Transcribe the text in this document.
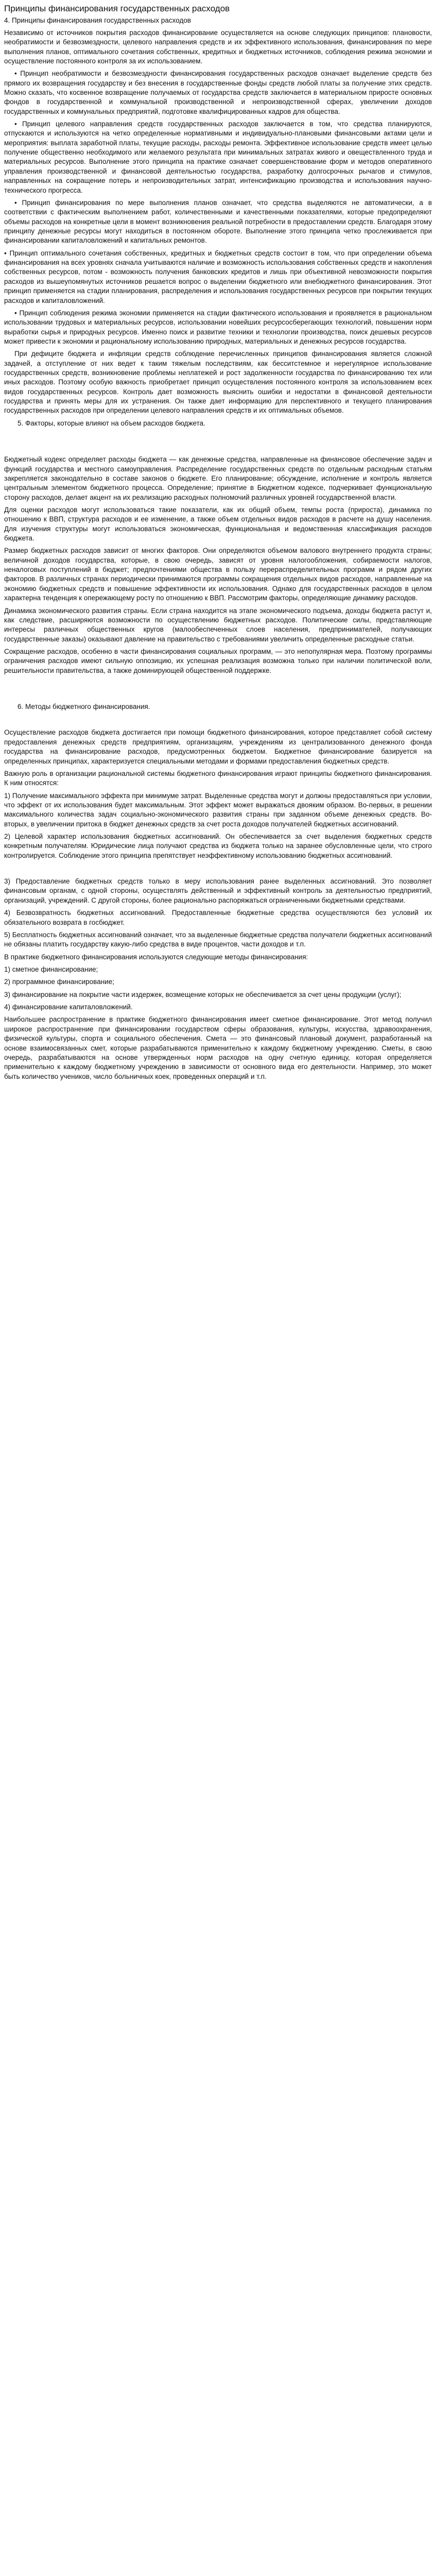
Принципы финансирования государственных расходов
4. Принципы финансирования государственных расходов

Независимо от источников покрытия расходов финансирование осуществляется на основе следующих принципов: плановости, необратимости и безвозмездности, целевого направления средств и их эффективного использования, финансирования по мере выполнения планов, оптимального сочетания собственных, кредитных и бюджетных источников, соблюдения режима экономии и осуществление постоянного контроля за их использованием.

• Принцип необратимости и безвозмездности финансирования государственных расходов означает выделение средств без прямого их возвращения государству и без внесения в государственные фонды средств любой платы за получение этих средств. Можно сказать, что косвенное возвращение получаемых от государства средств заключается в материальном приросте основных фондов в государственной и коммунальной производственной и непроизводственной сферах, увеличении доходов государственных и коммунальных предприятий, подготовке квалифицированных кадров для общества.

• Принцип целевого направления средств государственных расходов заключается в том, что средства планируются, отпускаются и используются на четко определенные нормативными и индивидуально-плановыми финансовыми актами цели и мероприятия: выплата заработной платы, текущие расходы, расходы ремонта. Эффективное использование средств имеет целью получение общественно необходимого или желаемого результата при минимальных затратах живого и овеществленного труда и материальных ресурсов. Выполнение этого принципа на практике означает совершенствование форм и методов оперативного управления производственной и финансовой деятельностью государства, разработку долгосрочных рычагов и стимулов, направленных на сокращение потерь и непроизводительных затрат, интенсификацию производства и использования научно-технического прогресса.

• Принцип финансирования по мере выполнения планов означает, что средства выделяются не автоматически, а в соответствии с фактическим выполнением работ, количественными и качественными показателями, которые предопределяют объемы расходов на конкретные цели в момент возникновения реальной потребности в предоставлении средств. Благодаря этому принципу денежные ресурсы могут находиться в постоянном обороте. Выполнение этого принципа четко прослеживается при финансировании капиталовложений и капитальных ремонтов.

• Принцип оптимального сочетания собственных, кредитных и бюджетных средств состоит в том, что при определении объема финансирования на всех уровнях сначала учитываются наличие и возможность использования собственных средств и накопления собственных ресурсов, потом - возможность получения банковских кредитов и лишь при объективной невозможности покрытия расходов из вышеупомянутых источников решается вопрос о выделении бюджетного или внебюджетного финансирования. Этот принцип применяется на стадии планирования, распределения и использования государственных ресурсов при покрытии текущих расходов и капиталовложений.

• Принцип соблюдения режима экономии применяется на стадии фактического использования и проявляется в рациональном использовании трудовых и материальных ресурсов, использовании новейших ресурсосберегающих технологий, повышении норм выработки сырья и природных ресурсов. Именно поиск и развитие техники и технологии производства, поиск дешевых ресурсов может привести к экономии и рациональному использованию природных, материальных и денежных ресурсов государства.

При дефиците бюджета и инфляции средств соблюдение перечисленных принципов финансирования является сложной задачей, а отступление от них ведет к таким тяжелым последствиям, как бесситстемное и нерегулярное использование государственных средств, возникновение проблемы неплатежей и рост задолженности государства по финансированию тех или иных расходов. Поэтому особую важность приобретает принцип осуществления постоянного контроля за использованием всех видов государственных ресурсов. Контроль дает возможность выяснить ошибки и недостатки в финансовой деятельности государства и принять меры для их устранения. Он также дает информацию для перспективного и текущего планирования государственных расходов при определении целевого направления средств и их оптимальных объемов.

5. Факторы, которые влияют на объем расходов бюджета.

Бюджетный кодекс определяет расходы бюджета — как денежные средства, направленные на финансовое обеспечение задач и функций государства и местного самоуправления. Распределение государственных средств по отдельным расходным статьям закрепляется законодательно в составе законов о бюджете. Его планирование; обсуждение, исполнение и контроль является центральным элементом бюджетного процесса. Определение; принятие в Бюджетном кодексе, подчеркивает функциональную сторону расходов, делает акцент на их реализацию расходных полномочий различных уровней государственной власти.

Для оценки расходов могут использоваться такие показатели, как их общий объем, темпы роста (прироста), динамика по отношению к ВВП, структура расходов и ее изменение, а также объем отдельных видов расходов в расчете на душу населения. Для изучения структуры могут использоваться экономическая, функциональная и ведомственная классификация расходов бюджета.

Размер бюджетных расходов зависит от многих факторов. Они определяются объемом валового внутреннего продукта страны; величиной доходов государства, которые, в свою очередь, зависят от уровня налогообложения, собираемости налогов, неналоговых поступлений в бюджет; предпочтениями общества в пользу перераспределительных программ и рядом других факторов. В различных странах периодически принимаются программы сокращения отдельных видов расходов, направленные на экономию бюджетных средств и повышение эффективности их использования. Однако для государственных расходов в целом характерна тенденция к опережающему росту по отношению к ВВП. Рассмотрим факторы, определяющие динамику расходов.

Динамика экономического развития страны. Если страна находится на этапе экономического подъема, доходы бюджета растут и, как следствие, расширяются возможности по осуществлению бюджетных расходов. Политические силы, представляющие интересы различных общественных кругов (малообеспеченных слоев населения, предпринимателей, получающих государственные заказы) оказывают давление на правительство с требованиями увеличить определенные расходные статьи.

Сокращение расходов, особенно в части финансирования социальных программ, — это непопулярная мера. Поэтому программы ограничения расходов имеют сильную оппозицию, их успешная реализация возможна только при наличии политической воли, решительности правительства, а также доминирующей общественной поддержке.

6. Методы бюджетного финансирования.

Осуществление расходов бюджета достигается при помощи бюджетного финансирования, которое представляет собой систему предоставления денежных средств предприятиям, организациям, учреждениям из централизованного денежного фонда государства на финансирование расходов, предусмотренных бюджетом. Бюджетное финансирование базируется на определенных принципах, характеризуется специальными методами и формами предоставления бюджетных средств.

Важную роль в организации рациональной системы бюджетного финансирования играют принципы бюджетного финансирования. К ним относятся:

1) Получение максимального эффекта при минимуме затрат. Выделенные средства могут и должны предоставляться при условии, что эффект от их использования будет максимальным. Этот эффект может выражаться двояким образом. Во-первых, в решении максимального количества задач социально-экономического развития страны при заданном объеме денежных средств. Во-вторых, в увеличении притока в бюджет денежных средств за счет роста доходов получателей бюджетных ассигнований.

2) Целевой характер использования бюджетных ассигнований. Он обеспечивается за счет выделения бюджетных средств конкретным получателям. Юридические лица получают средства из бюджета только на заранее обусловленные цели, что строго контролируется. Соблюдение этого принципа препятствует неэффективному использованию бюджетных ассигнований.

3) Предоставление бюджетных средств только в меру использования ранее выделенных ассигнований. Это позволяет финансовым органам, с одной стороны, осуществлять действенный и эффективный контроль за деятельностью предприятий, организаций, учреждений. С другой стороны, более рационально распоряжаться ограниченными бюджетными средствами.

4) Безвозвратность бюджетных ассигнований. Предоставленные бюджетные средства осуществляются без условий их обязательного возврата в госбюджет.

5) Бесплатность бюджетных ассигнований означает, что за выделенные бюджетные средства получатели бюджетных ассигнований не обязаны платить государству какую-либо средства в виде процентов, части доходов и т.п.

В практике бюджетного финансирования используются следующие методы финансирования:

1) сметное финансирование;

2) программное финансирование;

3) финансирование на покрытие части издержек, возмещение которых не обеспечивается за счет цены продукции (услуг);

4) финансирование капиталовложений.

Наибольшее распространение в практике бюджетного финансирования имеет сметное финансирование. Этот метод получил широкое распространение при финансировании государством сферы образования, культуры, искусства, здравоохранения, физической культуры, спорта и социального обеспечения. Смета — это финансовый плановый документ, разработанный на основе взаимосвязанных смет, которые разрабатываются применительно к каждому бюджетному учреждению. Сметы, в свою очередь, разрабатываются на основе утвержденных норм расходов на одну счетную единицу, которая определяется применительно к каждому бюджетному учреждению в зависимости от основного вида его деятельности. Например, это может быть количество учеников, число больничных коек, проведенных операций и т.п.
